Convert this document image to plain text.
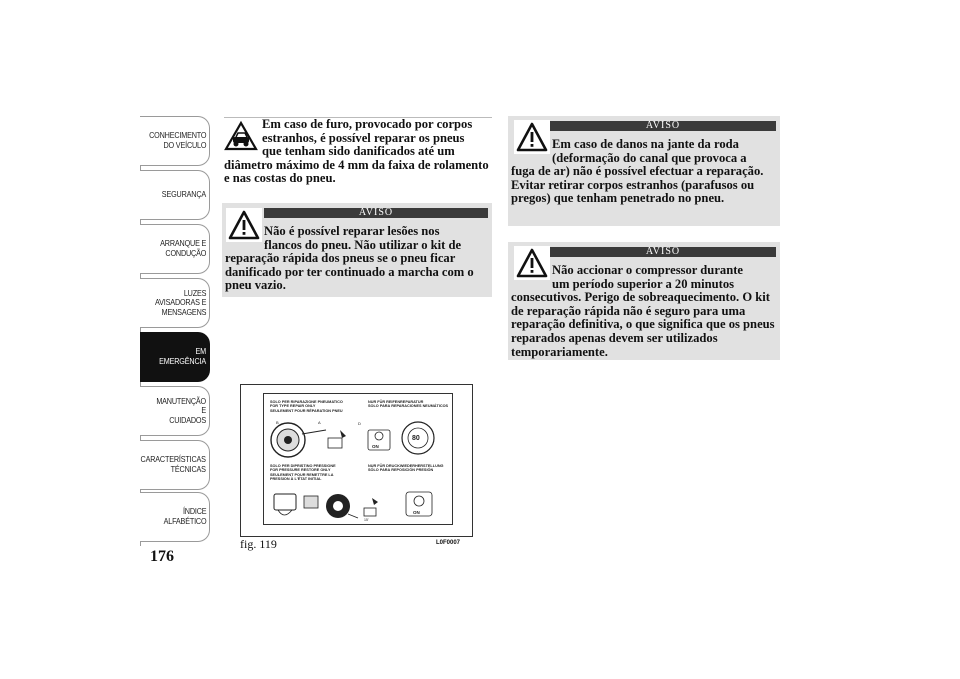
CONHECIMENTO
DO VEÍCULO
SEGURANÇA
ARRANQUE E
CONDUÇÃO
LUZES
AVISADORAS E
MENSAGENS
EM EMERGÊNCIA
MANUTENÇÃO E
CUIDADOS
CARACTERÍSTICAS
TÉCNICAS
ÍNDICE
ALFABÉTICO
176
Em caso de furo, provocado por corpos
estranhos, é possível reparar os pneus
que tenham sido danificados até um
diâmetro máximo de 4 mm da faixa de rolamento e nas costas do pneu.
AVISO
Não é possível reparar lesões nos
flancos do pneu. Não utilizar o kit de
reparação rápida dos pneus se o pneu ficar danificado por ter continuado a marcha com o pneu vazio.
AVISO
Em caso de danos na jante da roda
(deformação do canal que provoca a
fuga de ar) não é possível efectuar a reparação. Evitar retirar corpos estranhos (parafusos ou pregos) que tenham penetrado no pneu.
AVISO
Não accionar o compressor durante
um período superior a 20 minutos
consecutivos. Perigo de sobreaquecimento. O kit de reparação rápida não é seguro para uma reparação definitiva, o que significa que os pneus reparados apenas devem ser utilizados temporariamente.
SOLO PER RIPARAZIONE PNEUMATICO
FOR TYPE REPAIR ONLY
SEULEMENT POUR RÉPARATION PNEU
NUR FÜR REIFENREPARATUR
SOLO PARA REPARACIONES NEUMÁTICOS
B	A
ON
D
80
SOLO PER DIPRISTINO PRESSIONE
FOR PRESSURE RESTORE ONLY
SEULEMENT POUR REMETTRE LA
PRESSION À L'ÉTAT INITIAL
NUR FÜR DRUCKWIEDERHERSTELLUNG
SÓLO PARA REPOSICIÓN PRESIÓN
15'
ON
fig. 119	L0F0007
